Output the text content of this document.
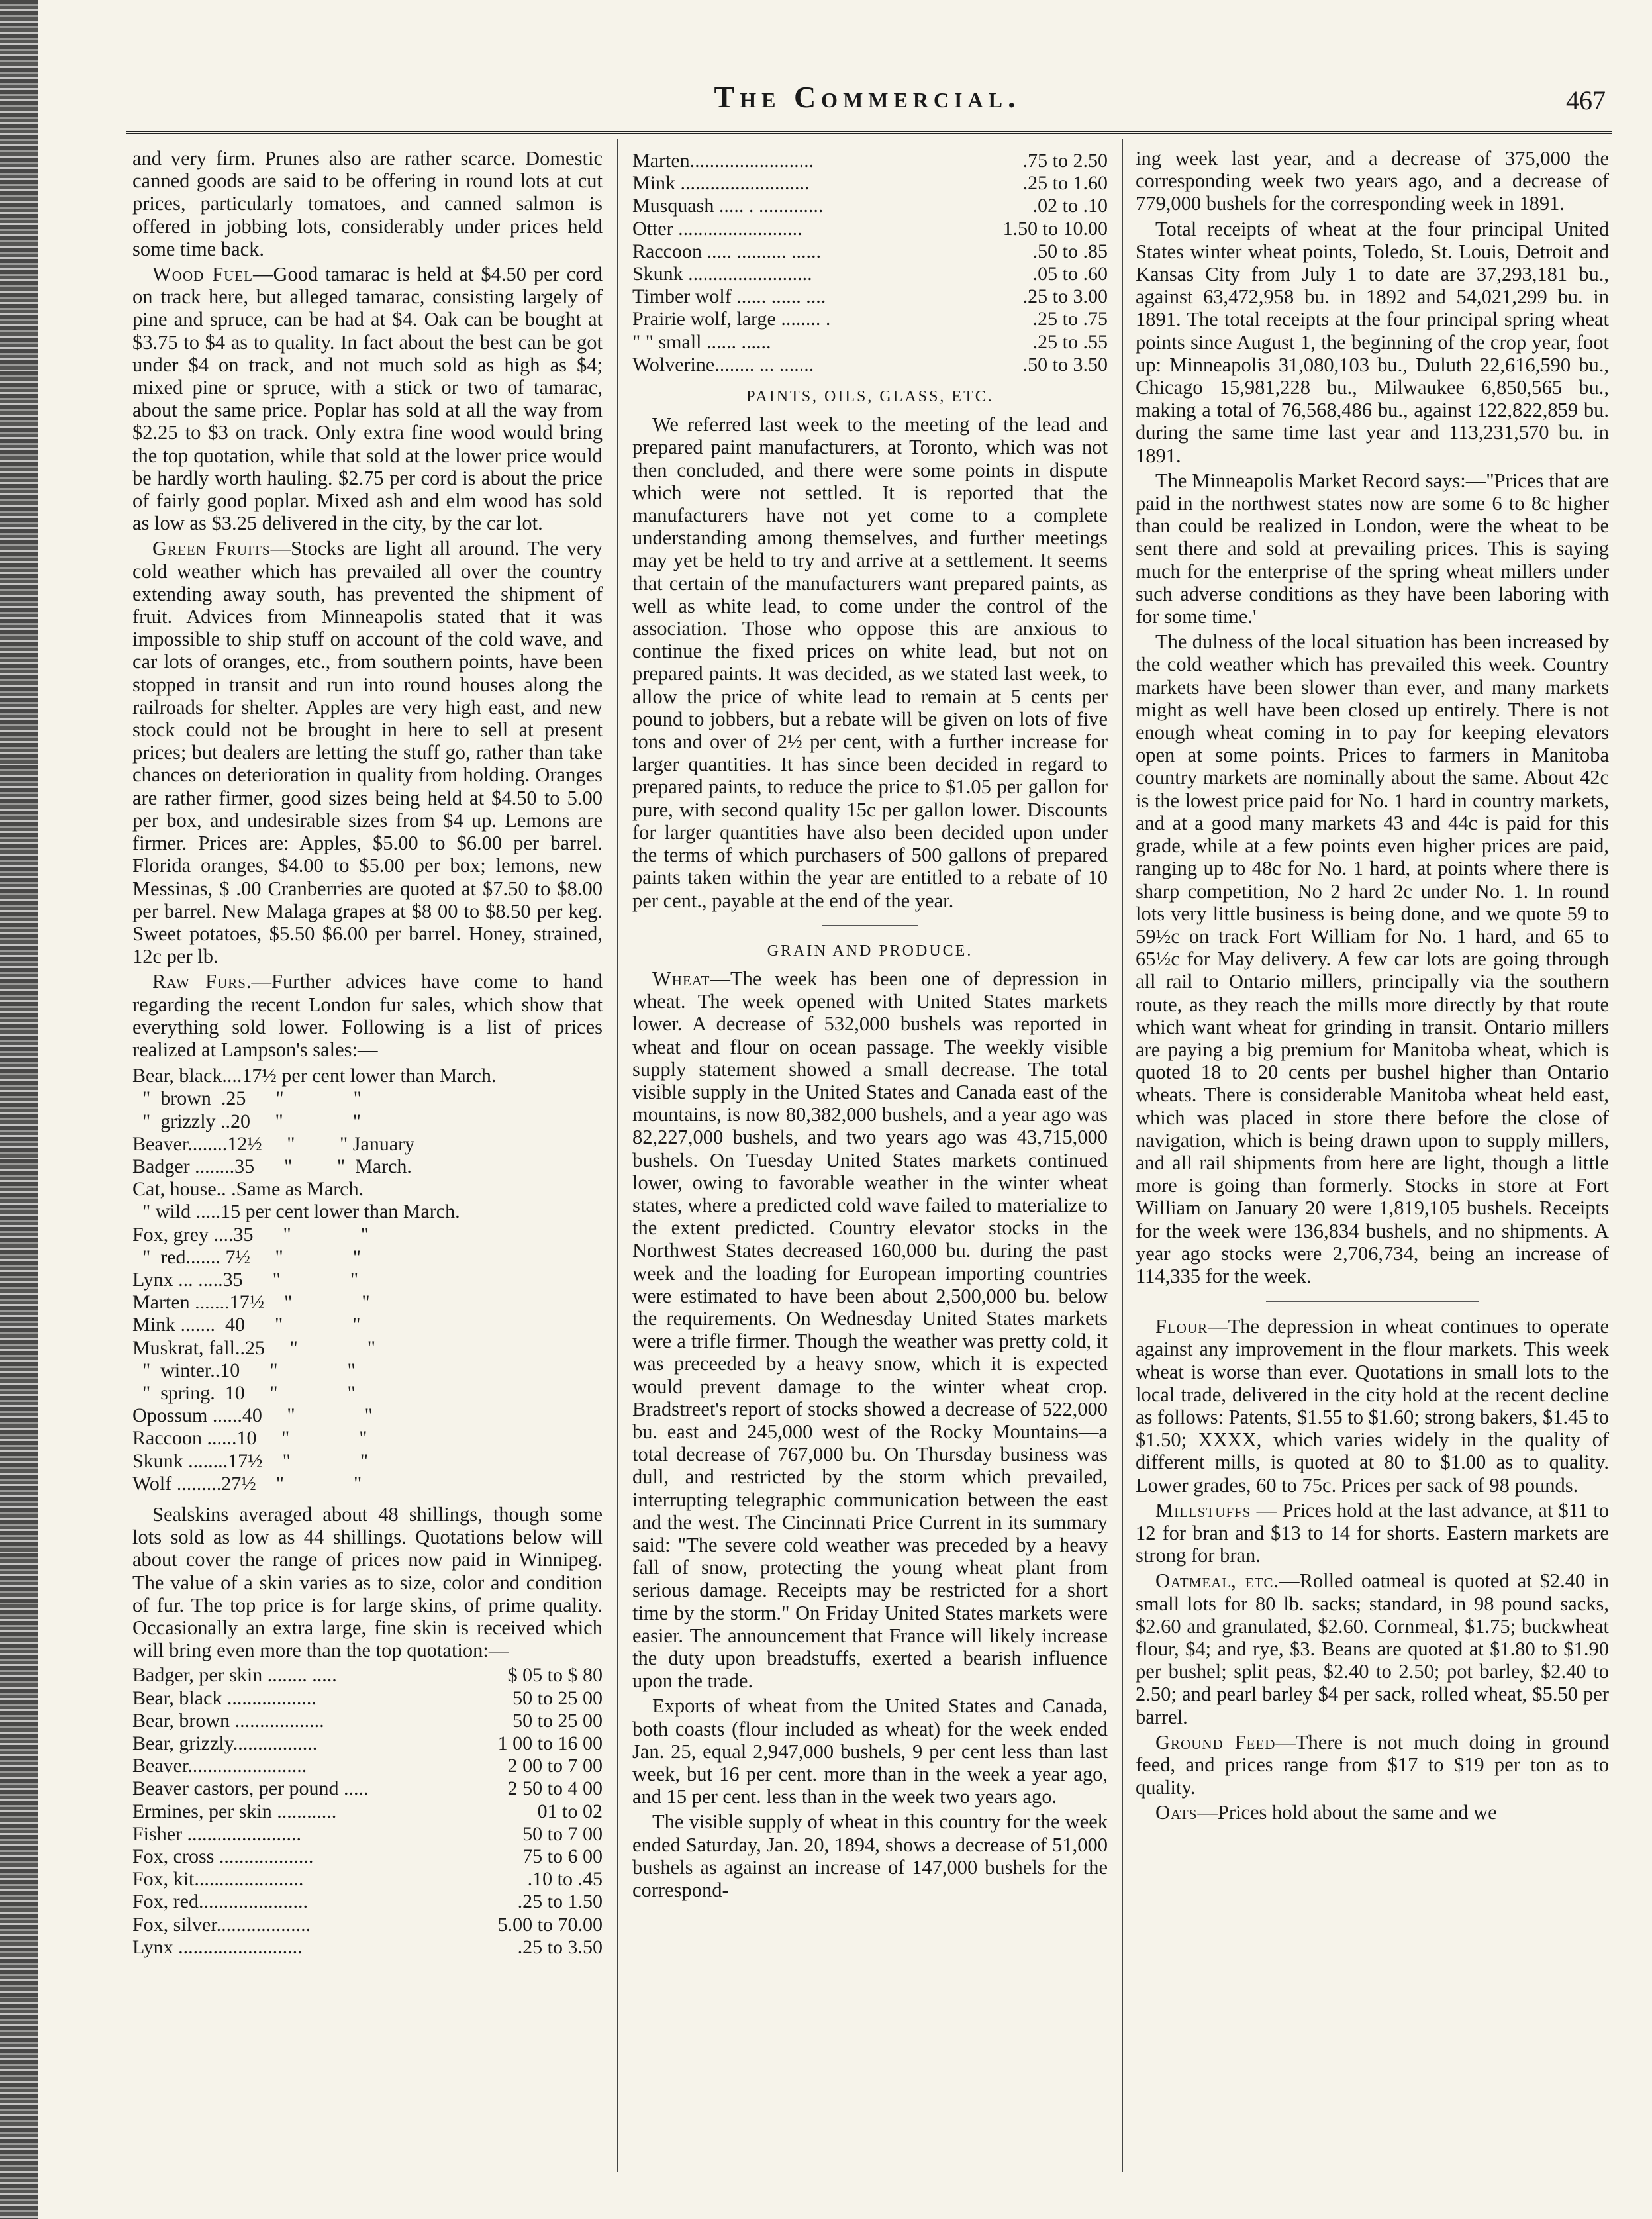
The Commercial.	467

and very firm. Prunes also are rather scarce. Domestic canned goods are said to be offering in round lots at cut prices, particularly tomatoes, and canned salmon is offered in jobbing lots, considerably under prices held some time back.

Wood Fuel—Good tamarac is held at $4.50 per cord on track here, but alleged tamarac, consisting largely of pine and spruce, can be had at $4. Oak can be bought at $3.75 to $4 as to quality. In fact about the best can be got under $4 on track, and not much sold as high as $4; mixed pine or spruce, with a stick or two of tamarac, about the same price. Poplar has sold at all the way from $2.25 to $3 on track. Only extra fine wood would bring the top quotation, while that sold at the lower price would be hardly worth hauling. $2.75 per cord is about the price of fairly good poplar. Mixed ash and elm wood has sold as low as $3.25 delivered in the city, by the car lot.

Green Fruits—Stocks are light all around. The very cold weather which has prevailed all over the country extending away south, has prevented the shipment of fruit. Advices from Minneapolis stated that it was impossible to ship stuff on account of the cold wave, and car lots of oranges, etc., from southern points, have been stopped in transit and run into round houses along the railroads for shelter. Apples are very high east, and new stock could not be brought in here to sell at present prices; but dealers are letting the stuff go, rather than take chances on deterioration in quality from holding. Oranges are rather firmer, good sizes being held at $4.50 to 5.00 per box, and undesirable sizes from $4 up. Lemons are firmer. Prices are: Apples, $5.00 to $6.00 per barrel. Florida oranges, $4.00 to $5.00 per box; lemons, new Messinas, $ .00 Cranberries are quoted at $7.50 to $8.00 per barrel. New Malaga grapes at $8 00 to $8.50 per keg. Sweet potatoes, $5.50 $6.00 per barrel. Honey, strained, 12c per lb.

Raw Furs.—Further advices have come to hand regarding the recent London fur sales, which show that everything sold lower. Following is a list of prices realized at Lampson's sales:—

Bear, black....17½ per cent lower than March.
"  brown  .25      "              "
"  grizzly ..20     "              "
Beaver........12½     "         " January
Badger ........35      "         "  March.
Cat, house.. .Same as March.
" wild .....15 per cent lower than March.
Fox, grey ....35      "              "
"  red....... 7½     "              "
Lynx ... .....35      "              "
Marten .......17½    "              "
Mink .......  40      "              "
Muskrat, fall..25     "              "
"  winter..10      "              "
"  spring.  10     "              "
Opossum ......40     "              "
Raccoon ......10     "              "
Skunk ........17½    "              "
Wolf .........27½    "              "

Sealskins averaged about 48 shillings, though some lots sold as low as 44 shillings. Quotations below will about cover the range of prices now paid in Winnipeg. The value of a skin varies as to size, color and condition of fur. The top price is for large skins, of prime quality. Occasionally an extra large, fine skin is received which will bring even more than the top quotation:—

Badger, per skin ........ .....	$ 05 to $ 80
Bear, black ..................	50 to 25 00
Bear, brown ..................	50 to 25 00
Bear, grizzly.................	1 00 to 16 00
Beaver........................	2 00 to 7 00
Beaver castors, per pound .....	2 50 to 4 00
Ermines, per skin ............	01 to 02
Fisher .......................	50 to 7 00
Fox, cross ...................	75 to 6 00
Fox, kit......................	.10 to .45
Fox, red......................	.25 to 1.50
Fox, silver...................	5.00 to 70.00
Lynx .........................	.25 to 3.50
Marten.........................	.75 to 2.50
Mink ..........................	.25 to 1.60
Musquash ..... . .............	.02 to .10
Otter .........................	1.50 to 10.00
Raccoon ..... .......... ......	.50 to .85
Skunk .........................	.05 to .60
Timber wolf ...... ...... ....	.25 to 3.00
Prairie wolf, large ........ .	.25 to .75
" " small ...... ......	.25 to .55
Wolverine........ ... .......	.50 to 3.50
PAINTS, OILS, GLASS, ETC.

We referred last week to the meeting of the lead and prepared paint manufacturers, at Toronto, which was not then concluded, and there were some points in dispute which were not settled. It is reported that the manufacturers have not yet come to a complete understanding among themselves, and further meetings may yet be held to try and arrive at a settlement. It seems that certain of the manufacturers want prepared paints, as well as white lead, to come under the control of the association. Those who oppose this are anxious to continue the fixed prices on white lead, but not on prepared paints. It was decided, as we stated last week, to allow the price of white lead to remain at 5 cents per pound to jobbers, but a rebate will be given on lots of five tons and over of 2½ per cent, with a further increase for larger quantities. It has since been decided in regard to prepared paints, to reduce the price to $1.05 per gallon for pure, with second quality 15c per gallon lower. Discounts for larger quantities have also been decided upon under the terms of which purchasers of 500 gallons of prepared paints taken within the year are entitled to a rebate of 10 per cent., payable at the end of the year.

GRAIN AND PRODUCE.

Wheat—The week has been one of depression in wheat. The week opened with United States markets lower. A decrease of 532,000 bushels was reported in wheat and flour on ocean passage. The weekly visible supply statement showed a small decrease. The total visible supply in the United States and Canada east of the mountains, is now 80,382,000 bushels, and a year ago was 82,227,000 bushels, and two years ago was 43,715,000 bushels. On Tuesday United States markets continued lower, owing to favorable weather in the winter wheat states, where a predicted cold wave failed to materialize to the extent predicted. Country elevator stocks in the Northwest States decreased 160,000 bu. during the past week and the loading for European importing countries were estimated to have been about 2,500,000 bu. below the requirements. On Wednesday United States markets were a trifle firmer. Though the weather was pretty cold, it was preceeded by a heavy snow, which it is expected would prevent damage to the winter wheat crop. Bradstreet's report of stocks showed a decrease of 522,000 bu. east and 245,000 west of the Rocky Mountains—a total decrease of 767,000 bu. On Thursday business was dull, and restricted by the storm which prevailed, interrupting telegraphic communication between the east and the west. The Cincinnati Price Current in its summary said: "The severe cold weather was preceded by a heavy fall of snow, protecting the young wheat plant from serious damage. Receipts may be restricted for a short time by the storm." On Friday United States markets were easier. The announcement that France will likely increase the duty upon breadstuffs, exerted a bearish influence upon the trade.

Exports of wheat from the United States and Canada, both coasts (flour included as wheat) for the week ended Jan. 25, equal 2,947,000 bushels, 9 per cent less than last week, but 16 per cent. more than in the week a year ago, and 15 per cent. less than in the week two years ago.

The visible supply of wheat in this country for the week ended Saturday, Jan. 20, 1894, shows a decrease of 51,000 bushels as against an increase of 147,000 bushels for the correspond-

ing week last year, and a decrease of 375,000 the corresponding week two years ago, and a decrease of 779,000 bushels for the corresponding week in 1891.

Total receipts of wheat at the four principal United States winter wheat points, Toledo, St. Louis, Detroit and Kansas City from July 1 to date are 37,293,181 bu., against 63,472,958 bu. in 1892 and 54,021,299 bu. in 1891. The total receipts at the four principal spring wheat points since August 1, the beginning of the crop year, foot up: Minneapolis 31,080,103 bu., Duluth 22,616,590 bu., Chicago 15,981,228 bu., Milwaukee 6,850,565 bu., making a total of 76,568,486 bu., against 122,822,859 bu. during the same time last year and 113,231,570 bu. in 1891.

The Minneapolis Market Record says:—"Prices that are paid in the northwest states now are some 6 to 8c higher than could be realized in London, were the wheat to be sent there and sold at prevailing prices. This is saying much for the enterprise of the spring wheat millers under such adverse conditions as they have been laboring with for some time.'

The dulness of the local situation has been increased by the cold weather which has prevailed this week. Country markets have been slower than ever, and many markets might as well have been closed up entirely. There is not enough wheat coming in to pay for keeping elevators open at some points. Prices to farmers in Manitoba country markets are nominally about the same. About 42c is the lowest price paid for No. 1 hard in country markets, and at a good many markets 43 and 44c is paid for this grade, while at a few points even higher prices are paid, ranging up to 48c for No. 1 hard, at points where there is sharp competition, No 2 hard 2c under No. 1. In round lots very little business is being done, and we quote 59 to 59½c on track Fort William for No. 1 hard, and 65 to 65½c for May delivery. A few car lots are going through all rail to Ontario millers, principally via the southern route, as they reach the mills more directly by that route which want wheat for grinding in transit. Ontario millers are paying a big premium for Manitoba wheat, which is quoted 18 to 20 cents per bushel higher than Ontario wheats. There is considerable Manitoba wheat held east, which was placed in store there before the close of navigation, which is being drawn upon to supply millers, and all rail shipments from here are light, though a little more is going than formerly. Stocks in store at Fort William on January 20 were 1,819,105 bushels. Receipts for the week were 136,834 bushels, and no shipments. A year ago stocks were 2,706,734, being an increase of 114,335 for the week.

Flour—The depression in wheat continues to operate against any improvement in the flour markets. This week wheat is worse than ever. Quotations in small lots to the local trade, delivered in the city hold at the recent decline as follows: Patents, $1.55 to $1.60; strong bakers, $1.45 to $1.50; XXXX, which varies widely in the quality of different mills, is quoted at 80 to $1.00 as to quality. Lower grades, 60 to 75c. Prices per sack of 98 pounds.

Millstuffs — Prices hold at the last advance, at $11 to 12 for bran and $13 to 14 for shorts. Eastern markets are strong for bran.

Oatmeal, etc.—Rolled oatmeal is quoted at $2.40 in small lots for 80 lb. sacks; standard, in 98 pound sacks, $2.60 and granulated, $2.60. Cornmeal, $1.75; buckwheat flour, $4; and rye, $3. Beans are quoted at $1.80 to $1.90 per bushel; split peas, $2.40 to 2.50; pot barley, $2.40 to 2.50; and pearl barley $4 per sack, rolled wheat, $5.50 per barrel.

Ground Feed—There is not much doing in ground feed, and prices range from $17 to $19 per ton as to quality.

Oats—Prices hold about the same and we
